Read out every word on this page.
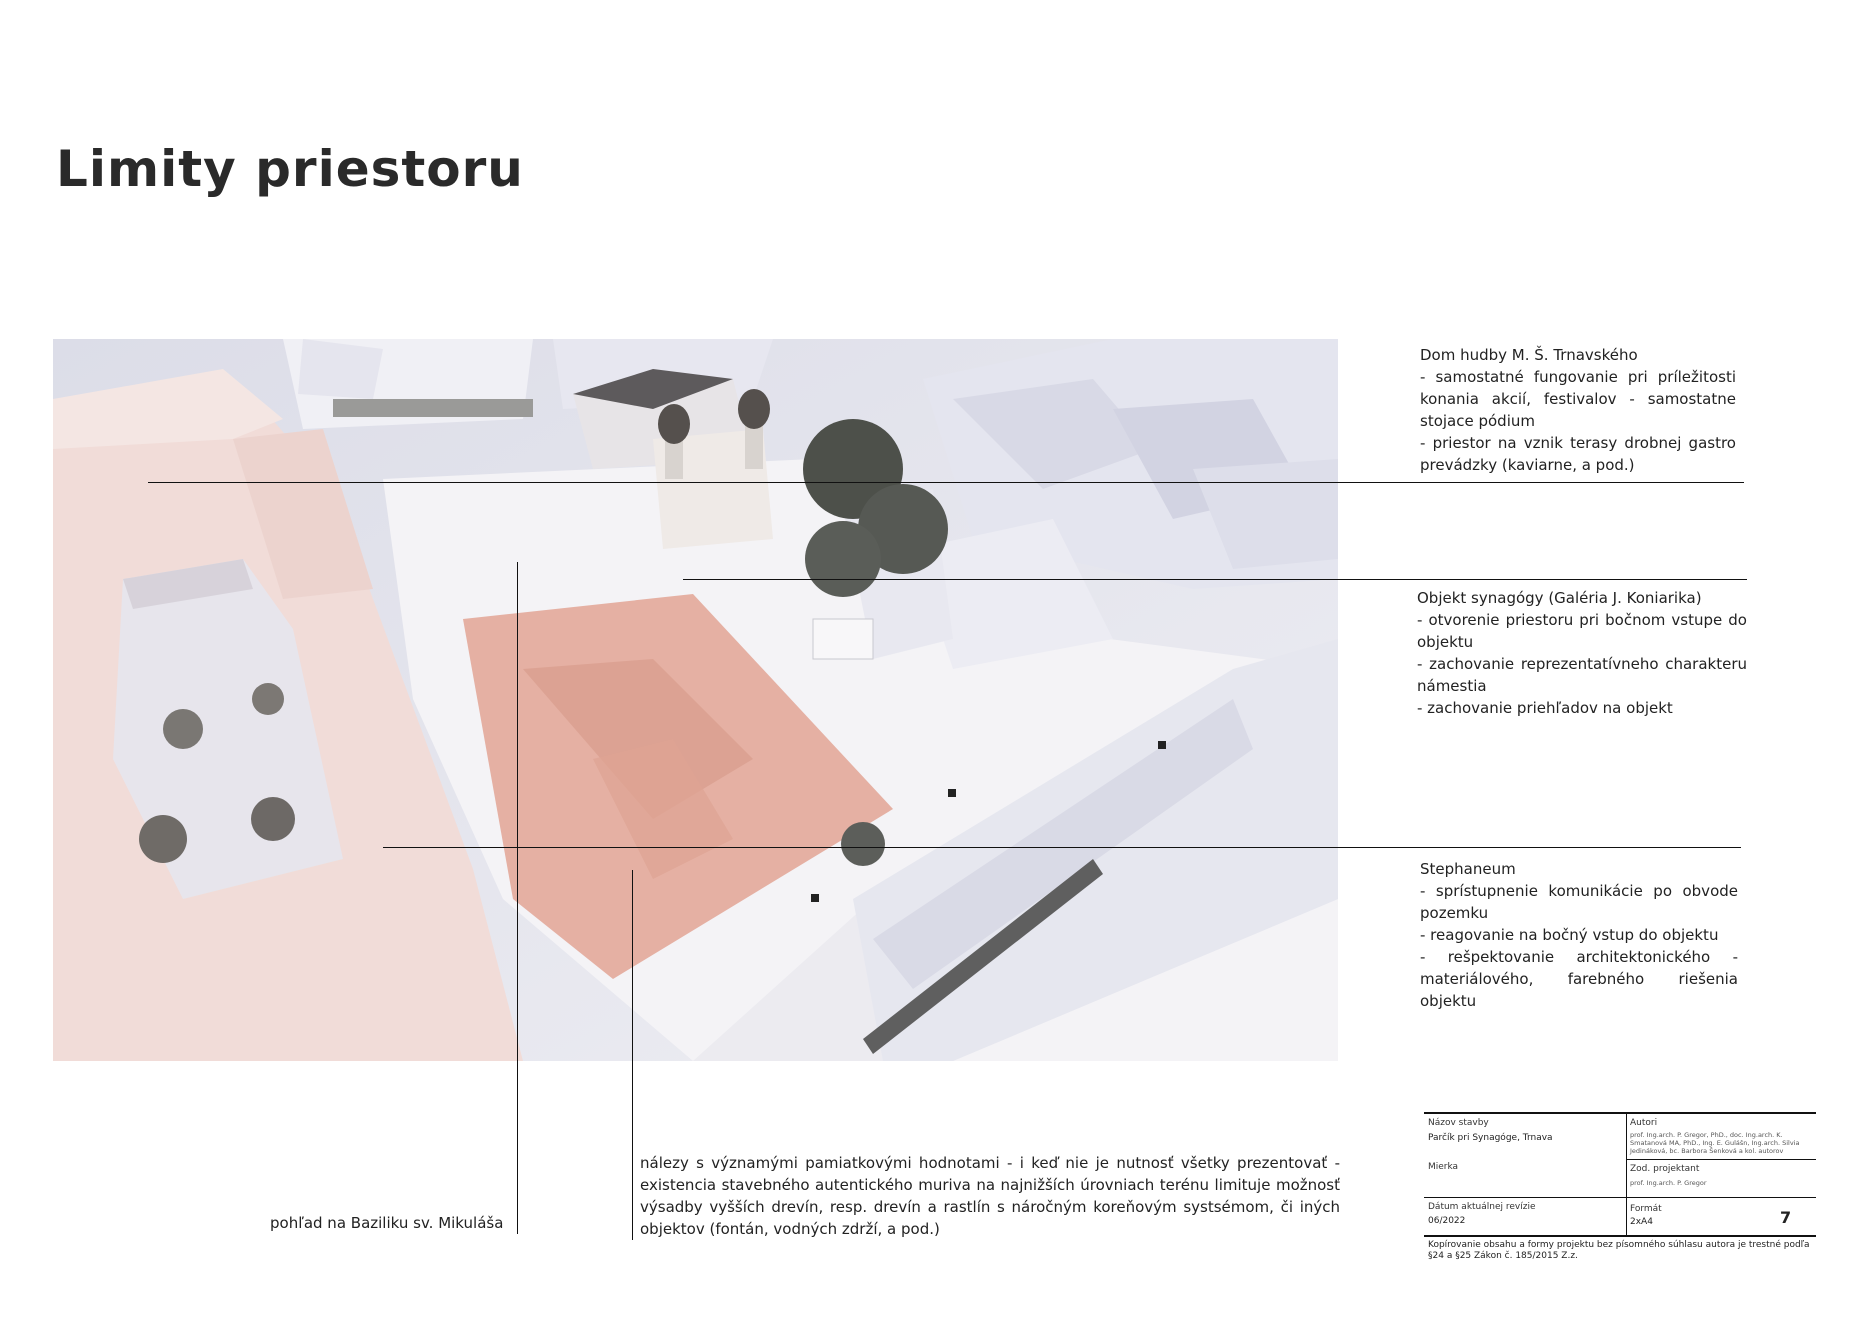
Limity priestoru
Dom hudby M. Š. Trnavského
- samostatné fungovanie pri príležitosti konania akcií, festivalov - samostatne stojace pódium
- priestor na vznik terasy drobnej gastro prevádzky (kaviarne, a pod.)
Objekt synagógy (Galéria J. Koniarika)
- otvorenie priestoru pri bočnom vstupe do objektu
- zachovanie reprezentatívneho charakteru námestia
- zachovanie priehľadov na objekt
Stephaneum
- sprístupnenie komunikácie po obvode pozemku
- reagovanie na bočný vstup do objektu
- rešpektovanie architektonického - materiálového, farebného riešenia objektu
pohľad na Baziliku sv. Mikuláša
nálezy s významými pamiatkovými hodnotami - i keď nie je nutnosť všetky prezentovať - existencia stavebného autentického muriva na najnižších úrovniach terénu limituje možnosť výsadby vyšších drevín, resp. drevín a rastlín s náročným koreňovým systsémom, či iných objektov (fontán, vodných zdrží, a pod.)
Názov stavby
Parčík pri Synagóge, Trnava
Mierka
Dátum aktuálnej revízie
06/2022
Autori
prof. Ing.arch. P. Gregor, PhD., doc. Ing.arch. K. Smatanová MA, PhD., Ing. E. Gulášn, Ing.arch. Silvia Jedináková, bc. Barbora Šenková a kol. autorov
Zod. projektant
prof. Ing.arch. P. Gregor
Formát
2xA4	7
Kopírovanie obsahu a formy projektu bez písomného súhlasu autora je trestné podľa §24 a §25 Zákon č. 185/2015 Z.z.
